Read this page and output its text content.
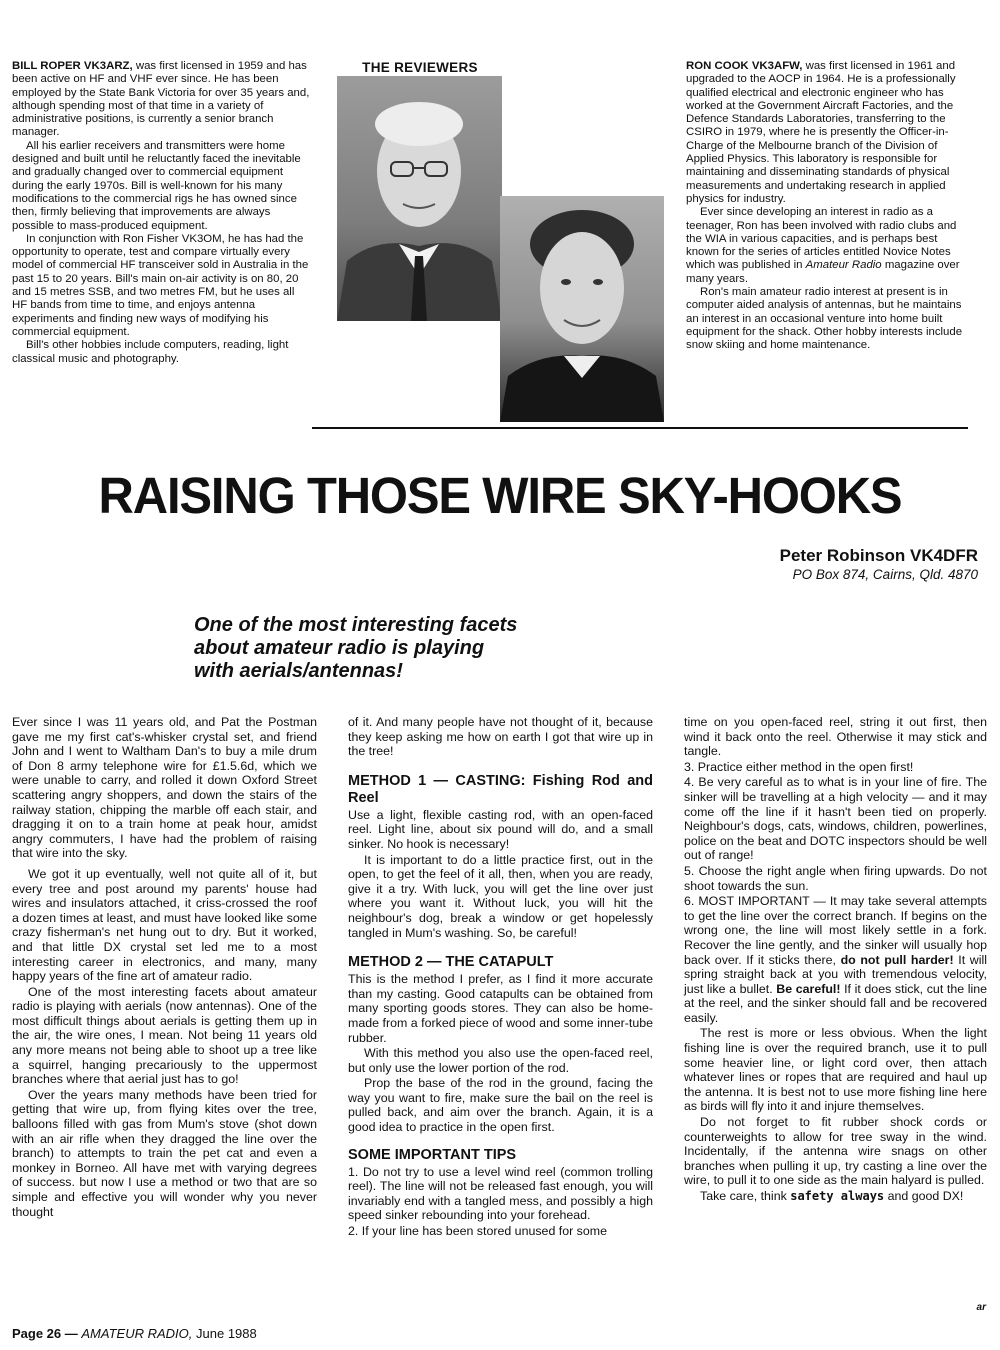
BILL ROPER VK3ARZ, was first licensed in 1959 and has been active on HF and VHF ever since. He has been employed by the State Bank Victoria for over 35 years and, although spending most of that time in a variety of administrative positions, is currently a senior branch manager.

All his earlier receivers and transmitters were home designed and built until he reluctantly faced the inevitable and gradually changed over to commercial equipment during the early 1970s. Bill is well-known for his many modifications to the commercial rigs he has owned since then, firmly believing that improvements are always possible to mass-produced equipment.

In conjunction with Ron Fisher VK3OM, he has had the opportunity to operate, test and compare virtually every model of commercial HF transceiver sold in Australia in the past 15 to 20 years. Bill's main on-air activity is on 80, 20 and 15 metres SSB, and two metres FM, but he uses all HF bands from time to time, and enjoys antenna experiments and finding new ways of modifying his commercial equipment.

Bill's other hobbies include computers, reading, light classical music and photography.

THE REVIEWERS	RON COOK VK3AFW, was first licensed in 1961 and upgraded to the AOCP in 1964. He is a professionally qualified electrical and electronic engineer who has worked at the Government Aircraft Factories, and the Defence Standards Laboratories, transferring to the CSIRO in 1979, where he is presently the Officer-in-Charge of the Melbourne branch of the Division of Applied Physics. This laboratory is responsible for maintaining and disseminating standards of physical measurements and undertaking research in applied physics for industry.

Ever since developing an interest in radio as a teenager, Ron has been involved with radio clubs and the WIA in various capacities, and is perhaps best known for the series of articles entitled Novice Notes which was published in Amateur Radio magazine over many years.

Ron's main amateur radio interest at present is in computer aided analysis of antennas, but he maintains an interest in an occasional venture into home built equipment for the shack. Other hobby interests include snow skiing and home maintenance.

RAISING THOSE WIRE SKY-HOOKS
Peter Robinson VK4DFR
PO Box 874, Cairns, Qld. 4870
One of the most interesting facets about amateur radio is playing with aerials/antennas!

Ever since I was 11 years old, and Pat the Postman gave me my first cat's-whisker crystal set, and friend John and I went to Waltham Dan's to buy a mile drum of Don 8 army telephone wire for £1.5.6d, which we were unable to carry, and rolled it down Oxford Street scattering angry shoppers, and down the stairs of the railway station, chipping the marble off each stair, and dragging it on to a train home at peak hour, amidst angry commuters, I have had the problem of raising that wire into the sky.

We got it up eventually, well not quite all of it, but every tree and post around my parents' house had wires and insulators attached, it criss-crossed the roof a dozen times at least, and must have looked like some crazy fisherman's net hung out to dry. But it worked, and that little DX crystal set led me to a most interesting career in electronics, and many, many happy years of the fine art of amateur radio.

One of the most interesting facets about amateur radio is playing with aerials (now antennas). One of the most difficult things about aerials is getting them up in the air, the wire ones, I mean. Not being 11 years old any more means not being able to shoot up a tree like a squirrel, hanging precariously to the uppermost branches where that aerial just has to go!

Over the years many methods have been tried for getting that wire up, from flying kites over the tree, balloons filled with gas from Mum's stove (shot down with an air rifle when they dragged the line over the branch) to attempts to train the pet cat and even a monkey in Borneo. All have met with varying degrees of success. but now I use a method or two that are so simple and effective you will wonder why you never thought

of it. And many people have not thought of it, because they keep asking me how on earth I got that wire up in the tree!

METHOD 1 — CASTING: Fishing Rod and Reel

Use a light, flexible casting rod, with an open-faced reel. Light line, about six pound will do, and a small sinker. No hook is necessary!

It is important to do a little practice first, out in the open, to get the feel of it all, then, when you are ready, give it a try. With luck, you will get the line over just where you want it. Without luck, you will hit the neighbour's dog, break a window or get hopelessly tangled in Mum's washing. So, be careful!

METHOD 2 — THE CATAPULT

This is the method I prefer, as I find it more accurate than my casting. Good catapults can be obtained from many sporting goods stores. They can also be home-made from a forked piece of wood and some inner-tube rubber.

With this method you also use the open-faced reel, but only use the lower portion of the rod.

Prop the base of the rod in the ground, facing the way you want to fire, make sure the bail on the reel is pulled back, and aim over the branch. Again, it is a good idea to practice in the open first.

SOME IMPORTANT TIPS

1. Do not try to use a level wind reel (common trolling reel). The line will not be released fast enough, you will invariably end with a tangled mess, and possibly a high speed sinker rebounding into your forehead.

2. If your line has been stored unused for some

time on you open-faced reel, string it out first, then wind it back onto the reel. Otherwise it may stick and tangle.

3. Practice either method in the open first!

4. Be very careful as to what is in your line of fire. The sinker will be travelling at a high velocity — and it may come off the line if it hasn't been tied on properly. Neighbour's dogs, cats, windows, children, powerlines, police on the beat and DOTC inspectors should be well out of range!

5. Choose the right angle when firing upwards. Do not shoot towards the sun.

6. MOST IMPORTANT — It may take several attempts to get the line over the correct branch. If begins on the wrong one, the line will most likely settle in a fork. Recover the line gently, and the sinker will usually hop back over. If it sticks there, do not pull harder! It will spring straight back at you with tremendous velocity, just like a bullet. Be careful! If it does stick, cut the line at the reel, and the sinker should fall and be recovered easily.

The rest is more or less obvious. When the light fishing line is over the required branch, use it to pull some heavier line, or light cord over, then attach whatever lines or ropes that are required and haul up the antenna. It is best not to use more fishing line here as birds will fly into it and injure themselves.

Do not forget to fit rubber shock cords or counterweights to allow for tree sway in the wind. Incidentally, if the antenna wire snags on other branches when pulling it up, try casting a line over the wire, to pull it to one side as the main halyard is pulled.

Take care, think safety always and good DX!

ar
Page 26 — AMATEUR RADIO, June 1988
